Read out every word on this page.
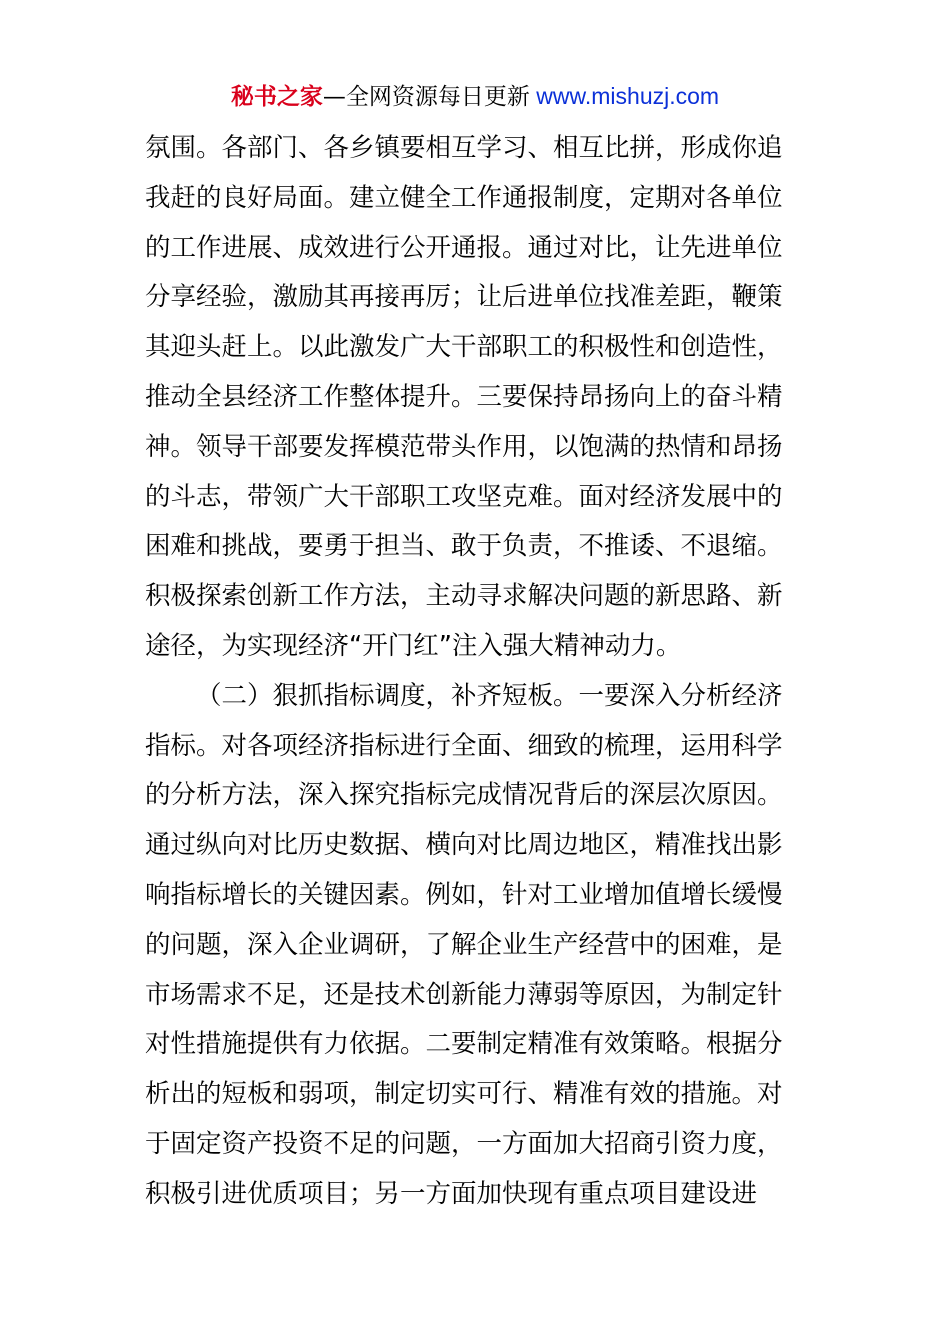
秘书之家—全网资源每日更新 www.mishuzj.com
氛围。各部门、各乡镇要相互学习、相互比拼，形成你追
我赶的良好局面。建立健全工作通报制度，定期对各单位
的工作进展、成效进行公开通报。通过对比，让先进单位
分享经验，激励其再接再厉；让后进单位找准差距，鞭策
其迎头赶上。以此激发广大干部职工的积极性和创造性，
推动全县经济工作整体提升。三要保持昂扬向上的奋斗精
神。领导干部要发挥模范带头作用，以饱满的热情和昂扬
的斗志，带领广大干部职工攻坚克难。面对经济发展中的
困难和挑战，要勇于担当、敢于负责，不推诿、不退缩。
积极探索创新工作方法，主动寻求解决问题的新思路、新
途径，为实现经济“开门红”注入强大精神动力。
（二）狠抓指标调度，补齐短板。一要深入分析经济
指标。对各项经济指标进行全面、细致的梳理，运用科学
的分析方法，深入探究指标完成情况背后的深层次原因。
通过纵向对比历史数据、横向对比周边地区，精准找出影
响指标增长的关键因素。例如，针对工业增加值增长缓慢
的问题，深入企业调研，了解企业生产经营中的困难，是
市场需求不足，还是技术创新能力薄弱等原因，为制定针
对性措施提供有力依据。二要制定精准有效策略。根据分
析出的短板和弱项，制定切实可行、精准有效的措施。对
于固定资产投资不足的问题，一方面加大招商引资力度，
积极引进优质项目；另一方面加快现有重点项目建设进
